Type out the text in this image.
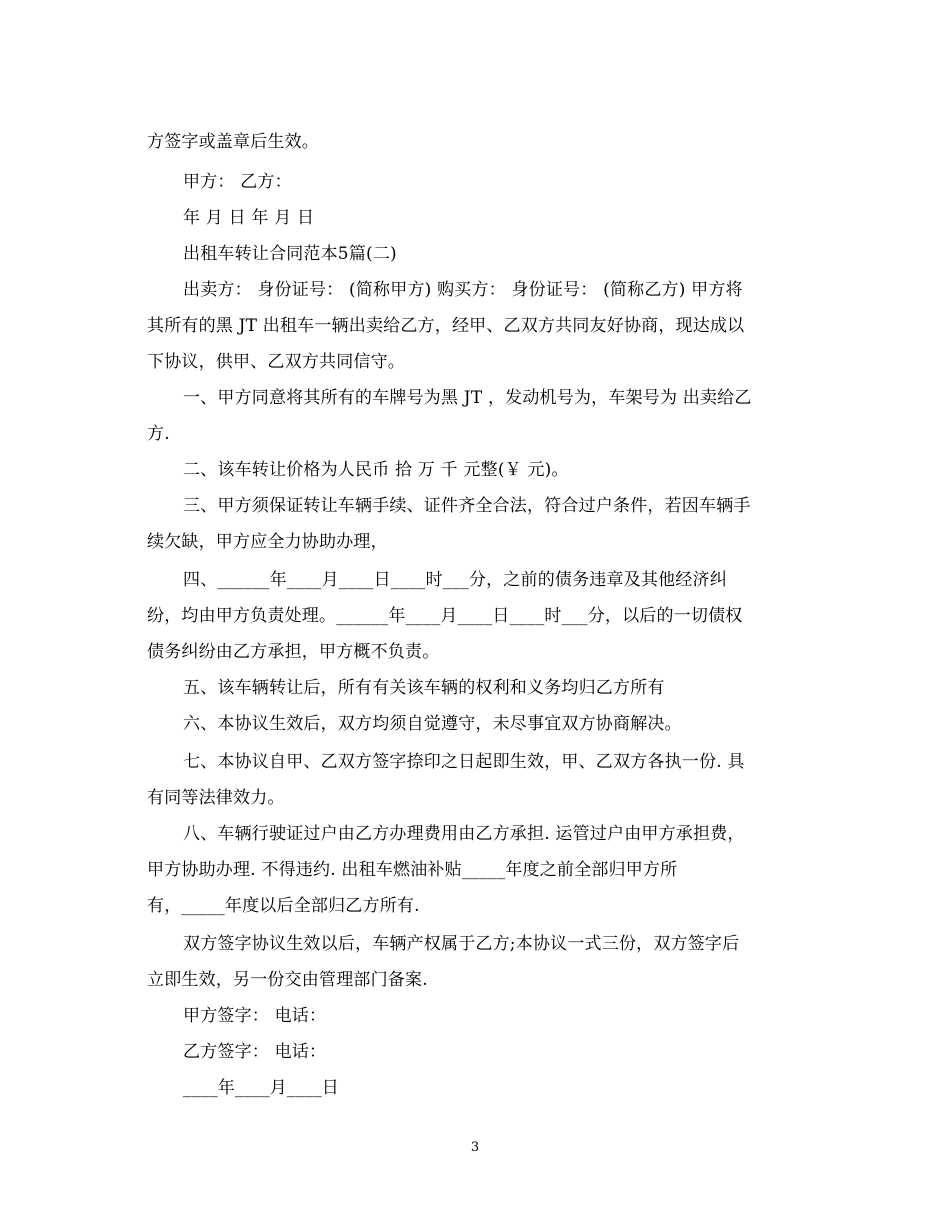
方签字或盖章后生效。

甲方： 乙方：

年 月 日 年 月 日

出租车转让合同范本5篇(二)

出卖方： 身份证号： (简称甲方) 购买方： 身份证号： (简称乙方) 甲方将

其所有的黑 JT 出租车一辆出卖给乙方，经甲、乙双方共同友好协商，现达成以

下协议，供甲、乙双方共同信守。

一、甲方同意将其所有的车牌号为黑 JT ，发动机号为，车架号为 出卖给乙

方.

二、该车转让价格为人民币 拾 万 千 元整(￥ 元)。

三、甲方须保证转让车辆手续、证件齐全合法，符合过户条件，若因车辆手

续欠缺，甲方应全力协助办理，

四、______年____月____日____时___分，之前的债务违章及其他经济纠

纷，均由甲方负责处理。______年____月____日____时___分，以后的一切债权

债务纠纷由乙方承担，甲方概不负责。

五、该车辆转让后，所有有关该车辆的权利和义务均归乙方所有

六、本协议生效后，双方均须自觉遵守，未尽事宜双方协商解决。

七、本协议自甲、乙双方签字捺印之日起即生效，甲、乙双方各执一份. 具

有同等法律效力。

八、车辆行驶证过户由乙方办理费用由乙方承担. 运管过户由甲方承担费，

甲方协助办理. 不得违约. 出租车燃油补贴_____年度之前全部归甲方所

有，_____年度以后全部归乙方所有.

双方签字协议生效以后，车辆产权属于乙方;本协议一式三份，双方签字后

立即生效，另一份交由管理部门备案.

甲方签字： 电话：

乙方签字： 电话：

____年____月____日

3
